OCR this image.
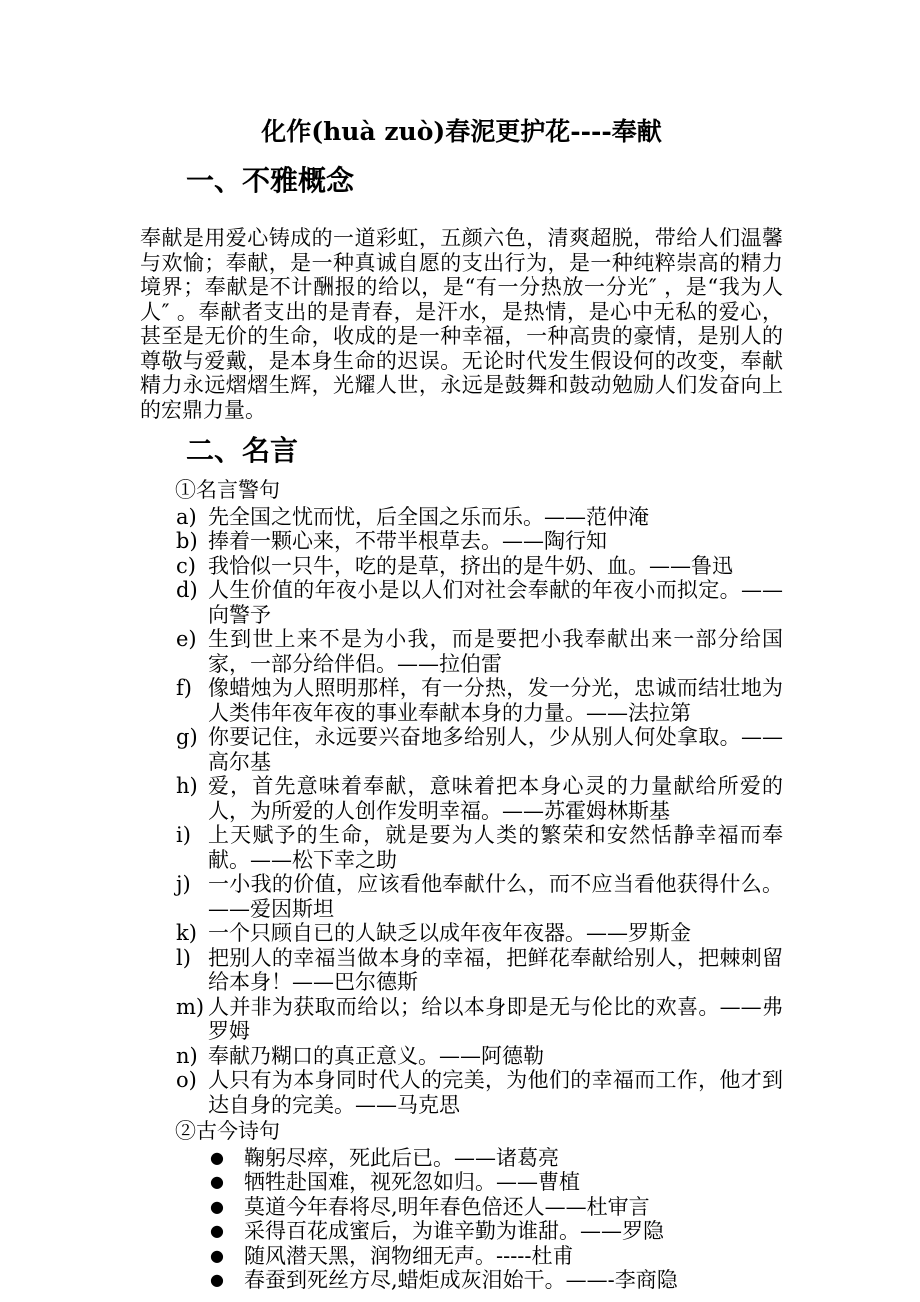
化作(huà zuò)春泥更护花----奉献
一、不雅概念

奉献是用爱心铸成的一道彩虹，五颜六色，清爽超脱，带给人们温馨与欢愉；奉献，是一种真诚自愿的支出行为，是一种纯粹崇高的精力境界；奉献是不计酬报的给以，是“有一分热放一分光″ ，是“我为人人″ 。奉献者支出的是青春，是汗水，是热情，是心中无私的爱心，甚至是无价的生命，收成的是一种幸福，一种高贵的豪情，是别人的尊敬与爱戴，是本身生命的迟误。无论时代发生假设何的改变，奉献精力永远熠熠生辉，光耀人世，永远是鼓舞和鼓动勉励人们发奋向上的宏鼎力量。

二、名言
①名言警句
a) 先全国之忧而忧，后全国之乐而乐。——范仲淹
b) 捧着一颗心来，不带半根草去。——陶行知
c) 我恰似一只牛，吃的是草，挤出的是牛奶、血。——鲁迅
d) 人生价值的年夜小是以人们对社会奉献的年夜小而拟定。——向警予
e) 生到世上来不是为小我，而是要把小我奉献出来一部分给国家，一部分给伴侣。——拉伯雷
f) 像蜡烛为人照明那样，有一分热，发一分光，忠诚而结壮地为人类伟年夜年夜的事业奉献本身的力量。——法拉第
g) 你要记住，永远要兴奋地多给别人，少从别人何处拿取。——高尔基
h) 爱，首先意味着奉献，意味着把本身心灵的力量献给所爱的人，为所爱的人创作发明幸福。——苏霍姆林斯基
i) 上天赋予的生命，就是要为人类的繁荣和安然恬静幸福而奉献。——松下幸之助
j) 一小我的价值，应该看他奉献什么，而不应当看他获得什么。——爱因斯坦
k) 一个只顾自已的人缺乏以成年夜年夜器。——罗斯金
l) 把别人的幸福当做本身的幸福，把鲜花奉献给别人，把棘刺留给本身！——巴尔德斯
m) 人并非为获取而给以；给以本身即是无与伦比的欢喜。——弗罗姆
n) 奉献乃糊口的真正意义。——阿德勒
o) 人只有为本身同时代人的完美，为他们的幸福而工作，他才到达自身的完美。——马克思
②古今诗句
● 鞠躬尽瘁，死此后已。——诸葛亮
● 牺牲赴国难，视死忽如归。——曹植
● 莫道今年春将尽,明年春色倍还人——杜审言
● 采得百花成蜜后，为谁辛勤为谁甜。——罗隐
● 随风潜天黑，润物细无声。-----杜甫
● 春蚕到死丝方尽,蜡炬成灰泪始干。——-李商隐
